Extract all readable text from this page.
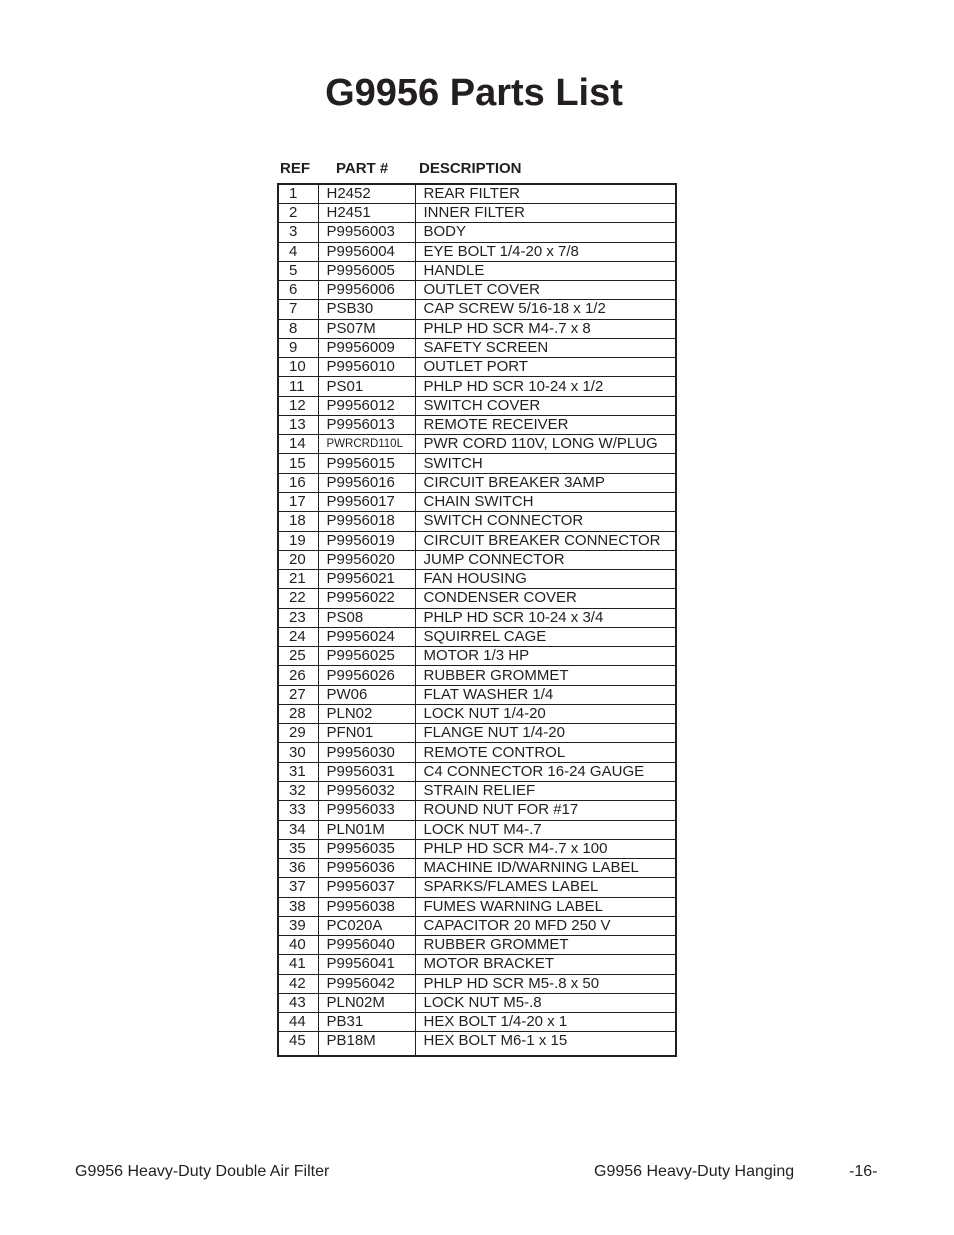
G9956 Parts List
REF PART # DESCRIPTION
1	H2452	REAR FILTER
2	H2451	INNER FILTER
3	P9956003	BODY
4	P9956004	EYE BOLT 1/4-20 x 7/8
5	P9956005	HANDLE
6	P9956006	OUTLET COVER
7	PSB30	CAP SCREW 5/16-18 x 1/2
8	PS07M	PHLP HD SCR M4-.7 x 8
9	P9956009	SAFETY SCREEN
10	P9956010	OUTLET PORT
11	PS01	PHLP HD SCR 10-24 x 1/2
12	P9956012	SWITCH COVER
13	P9956013	REMOTE RECEIVER
14	PWRCRD110L	PWR CORD 110V, LONG W/PLUG
15	P9956015	SWITCH
16	P9956016	CIRCUIT BREAKER 3AMP
17	P9956017	CHAIN SWITCH
18	P9956018	SWITCH CONNECTOR
19	P9956019	CIRCUIT BREAKER CONNECTOR
20	P9956020	JUMP CONNECTOR
21	P9956021	FAN HOUSING
22	P9956022	CONDENSER COVER
23	PS08	PHLP HD SCR 10-24 x 3/4
24	P9956024	SQUIRREL CAGE
25	P9956025	MOTOR 1/3 HP
26	P9956026	RUBBER GROMMET
27	PW06	FLAT WASHER 1/4
28	PLN02	LOCK NUT 1/4-20
29	PFN01	FLANGE NUT 1/4-20
30	P9956030	REMOTE CONTROL
31	P9956031	C4 CONNECTOR 16-24 GAUGE
32	P9956032	STRAIN RELIEF
33	P9956033	ROUND NUT FOR #17
34	PLN01M	LOCK NUT M4-.7
35	P9956035	PHLP HD SCR M4-.7 x 100
36	P9956036	MACHINE ID/WARNING LABEL
37	P9956037	SPARKS/FLAMES LABEL
38	P9956038	FUMES WARNING LABEL
39	PC020A	CAPACITOR 20 MFD 250 V
40	P9956040	RUBBER GROMMET
41	P9956041	MOTOR BRACKET
42	P9956042	PHLP HD SCR M5-.8 x 50
43	PLN02M	LOCK NUT M5-.8
44	PB31	HEX BOLT 1/4-20 x 1
45	PB18M	HEX BOLT M6-1 x 15
G9956 Heavy-Duty Double Air Filter	G9956 Heavy-Duty Hanging	-16-
